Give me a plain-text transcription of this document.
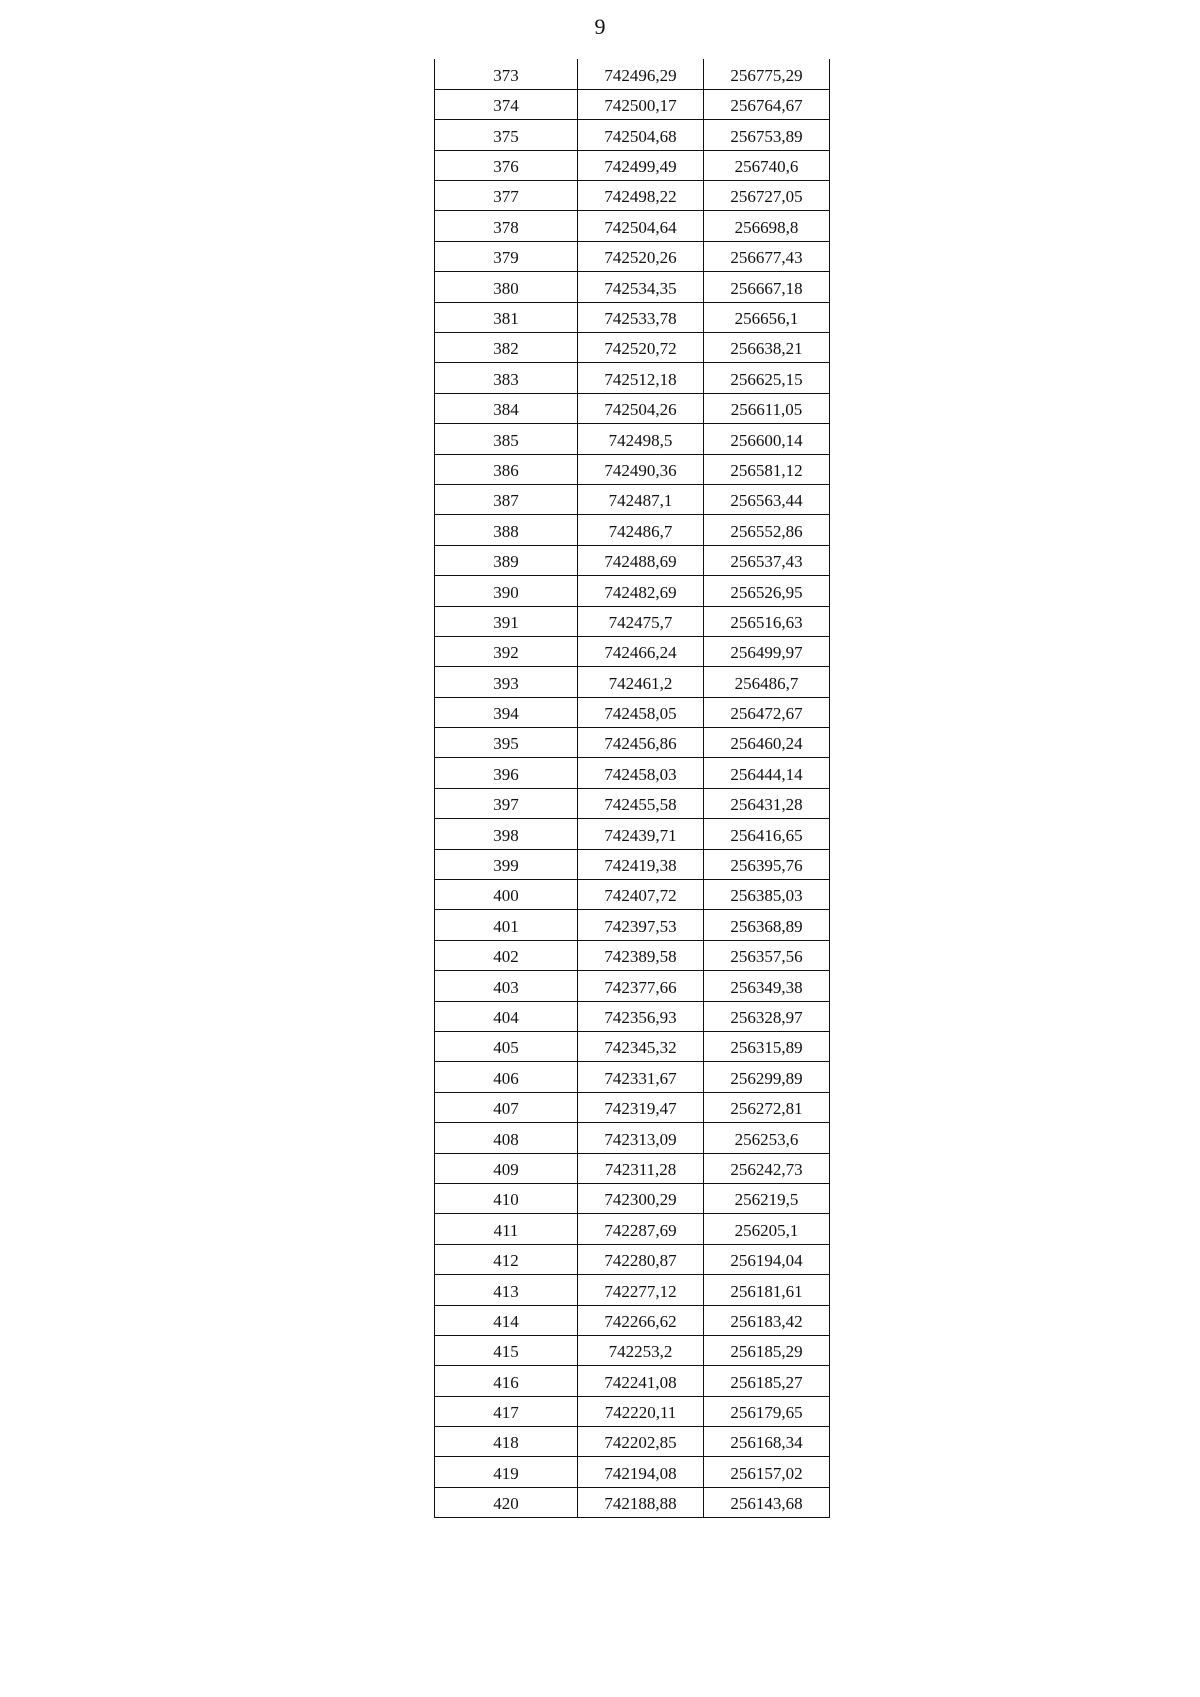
9
373	742496,29	256775,29
374	742500,17	256764,67
375	742504,68	256753,89
376	742499,49	256740,6
377	742498,22	256727,05
378	742504,64	256698,8
379	742520,26	256677,43
380	742534,35	256667,18
381	742533,78	256656,1
382	742520,72	256638,21
383	742512,18	256625,15
384	742504,26	256611,05
385	742498,5	256600,14
386	742490,36	256581,12
387	742487,1	256563,44
388	742486,7	256552,86
389	742488,69	256537,43
390	742482,69	256526,95
391	742475,7	256516,63
392	742466,24	256499,97
393	742461,2	256486,7
394	742458,05	256472,67
395	742456,86	256460,24
396	742458,03	256444,14
397	742455,58	256431,28
398	742439,71	256416,65
399	742419,38	256395,76
400	742407,72	256385,03
401	742397,53	256368,89
402	742389,58	256357,56
403	742377,66	256349,38
404	742356,93	256328,97
405	742345,32	256315,89
406	742331,67	256299,89
407	742319,47	256272,81
408	742313,09	256253,6
409	742311,28	256242,73
410	742300,29	256219,5
411	742287,69	256205,1
412	742280,87	256194,04
413	742277,12	256181,61
414	742266,62	256183,42
415	742253,2	256185,29
416	742241,08	256185,27
417	742220,11	256179,65
418	742202,85	256168,34
419	742194,08	256157,02
420	742188,88	256143,68
